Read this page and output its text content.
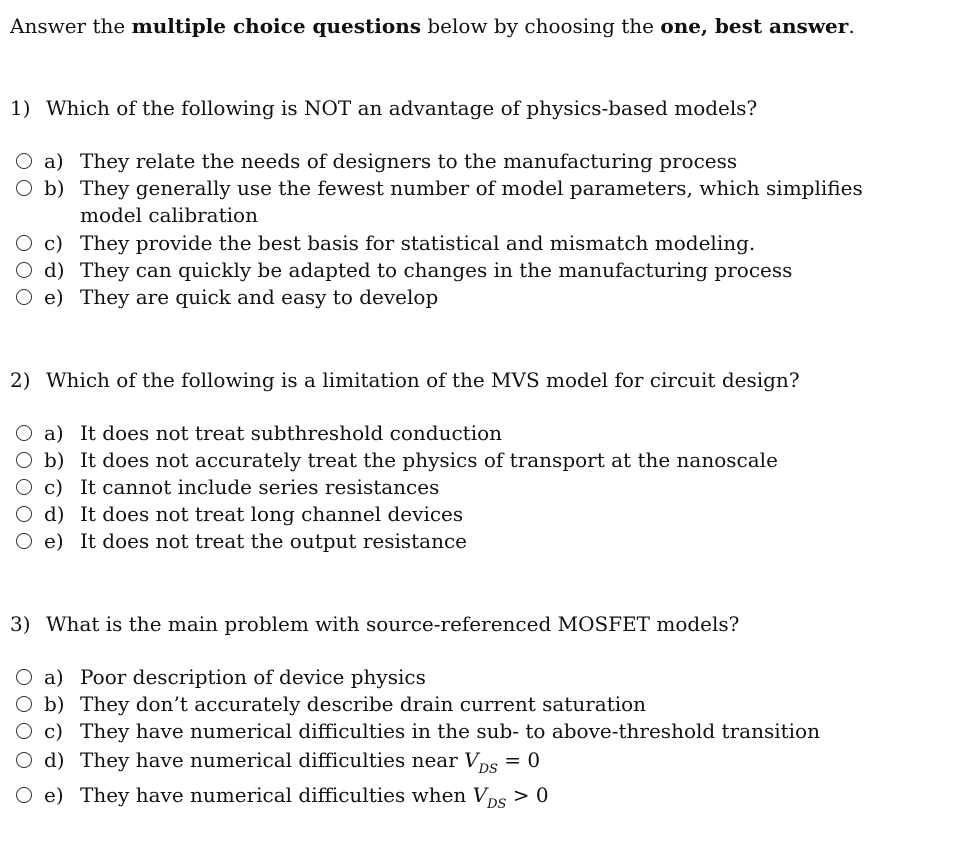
Answer the multiple choice questions below by choosing the one, best answer.
1) Which of the following is NOT an advantage of physics-based models?
a) They relate the needs of designers to the manufacturing process
b) They generally use the fewest number of model parameters, which simplifies model calibration
c) They provide the best basis for statistical and mismatch modeling.
d) They can quickly be adapted to changes in the manufacturing process
e) They are quick and easy to develop
2) Which of the following is a limitation of the MVS model for circuit design?
a) It does not treat subthreshold conduction
b) It does not accurately treat the physics of transport at the nanoscale
c) It cannot include series resistances
d) It does not treat long channel devices
e) It does not treat the output resistance
3) What is the main problem with source-referenced MOSFET models?
a) Poor description of device physics
b) They don’t accurately describe drain current saturation
c) They have numerical difficulties in the sub- to above-threshold transition
d) They have numerical difficulties near $V_{DS} = 0$
e) They have numerical difficulties when $V_{DS} > 0$
